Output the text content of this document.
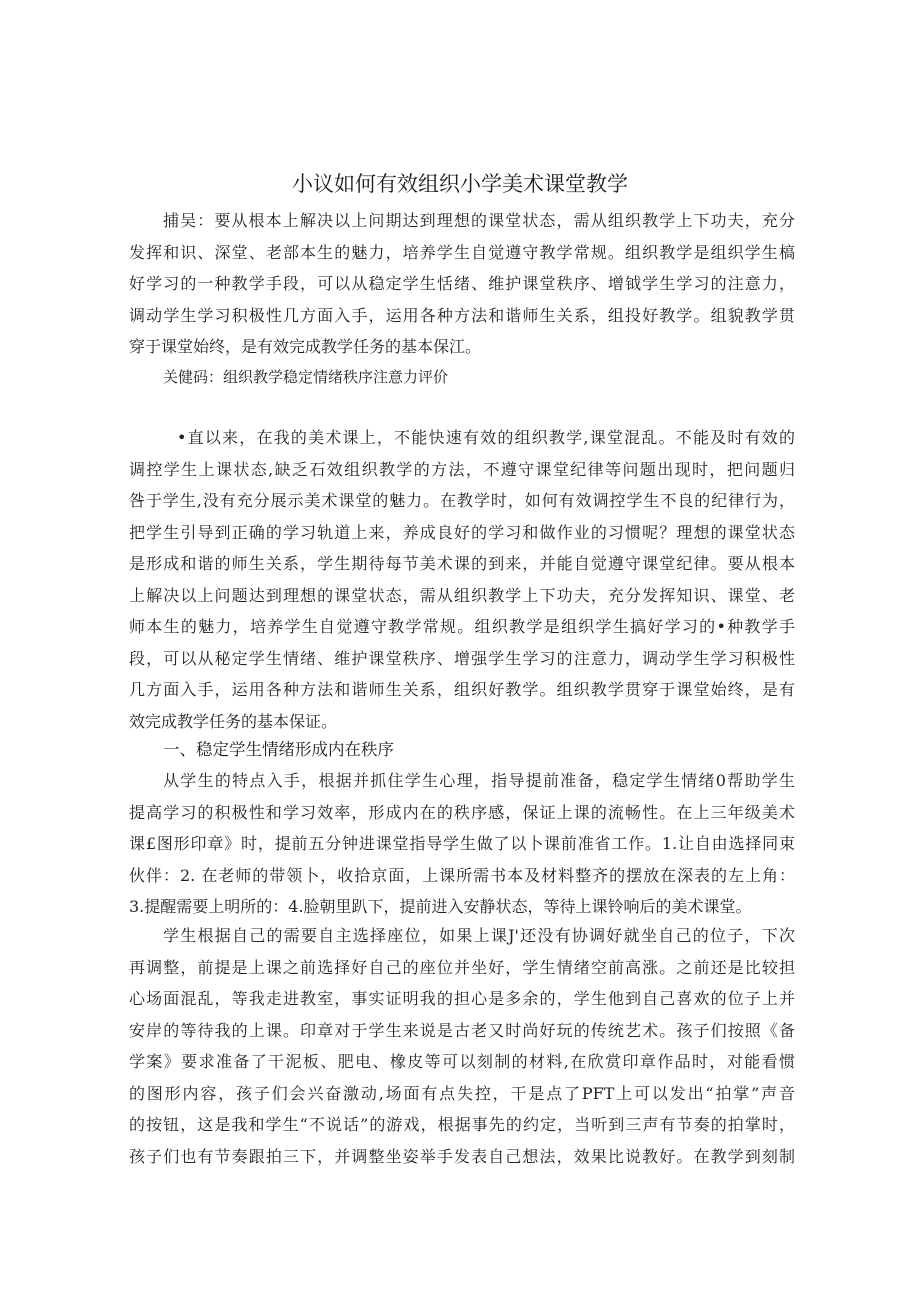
小议如何有效组织小学美术课堂教学
捕吴：要从根本上解决以上问期达到理想的课堂状态，需从组织教学上下功夫，充分
发挥和识、深堂、老部本生的魅力，培养学生自觉遵守教学常规。组织教学是组织学生槁
好学习的一种教学手段，可以从稳定学生恬绪、维护课堂秩序、增钺学生学习的注意力，
调动学生学习积极性几方面入手，运用各种方法和谐师生关系，组投好教学。组貌教学贯
穿于课堂始终，是有效完成教学任务的基本保江。
关健码：组织教学稳定情绪秩序注意力评价
•直以来，在我的美术课上，不能快速有效的组织教学,课堂混乱。不能及时有效的
调控学生上课状态,缺乏石效组织教学的方法，不遵守课堂纪律等问题出现时，把问题归
咎于学生,没有充分展示美术课堂的魅力。在教学时，如何有效调控学生不良的纪律行为，
把学生引导到正确的学习轨道上来，养成良好的学习和做作业的习惯呢？理想的课堂状态
是形成和谐的师生关系，学生期待每节美术课的到来，并能自觉遵守课堂纪律。要从根本
上解决以上问题达到理想的课堂状态，需从组织教学上下功夫，充分发挥知识、课堂、老
师本生的魅力，培养学生自觉遵守教学常规。组织教学是组织学生搞好学习的•种教学手
段，可以从秘定学生情绪、维护课堂秩序、增强学生学习的注意力，调动学生学习积极性
几方面入手，运用各种方法和谐师生关系，组织好教学。组织教学贯穿于课堂始终，是有
效完成教学任务的基本保证。
一、稳定学生情绪形成内在秩序
从学生的特点入手，根据并抓住学生心理，指导提前准备，稳定学生情绪0帮助学生
提高学习的积极性和学习效率，形成内在的秩序感，保证上课的流畅性。在上三年级美术
课£图形印章》时，提前五分钟进课堂指导学生做了以卜课前准省工作。1.让自由选择同束
伙伴：2. 在老师的带领卜，收拾京面，上课所需书本及材料整齐的摆放在深表的左上角：
3.提醒需要上明所的：4.脸朝里趴下，提前进入安静状态，等待上课铃响后的美术课堂。
学生根据自己的需要自主选择座位，如果上课J'还没有协调好就坐自己的位子，下次
再调整，前提是上课之前选择好自己的座位并坐好，学生情绪空前高涨。之前还是比较担
心场面混乱，等我走进教室，事实证明我的担心是多余的，学生他到自己喜欢的位子上并
安岸的等待我的上课。印章对于学生来说是古老又时尚好玩的传统艺术。孩子们按照《备
学案》要求准备了干泥板、肥电、橡皮等可以刻制的材料,在欣赏印章作品时，对能看惯
的图形内容，孩子们会兴奋激动,场面有点失控，干是点了PFT上可以发出“拍掌”声音
的按钮，这是我和学生“不说话”的游戏，根据事先的约定，当听到三声有节奏的拍掌时，
孩子们也有节奏跟拍三下，并调整坐姿举手发表自己想法，效果比说教好。在教学到刻制
